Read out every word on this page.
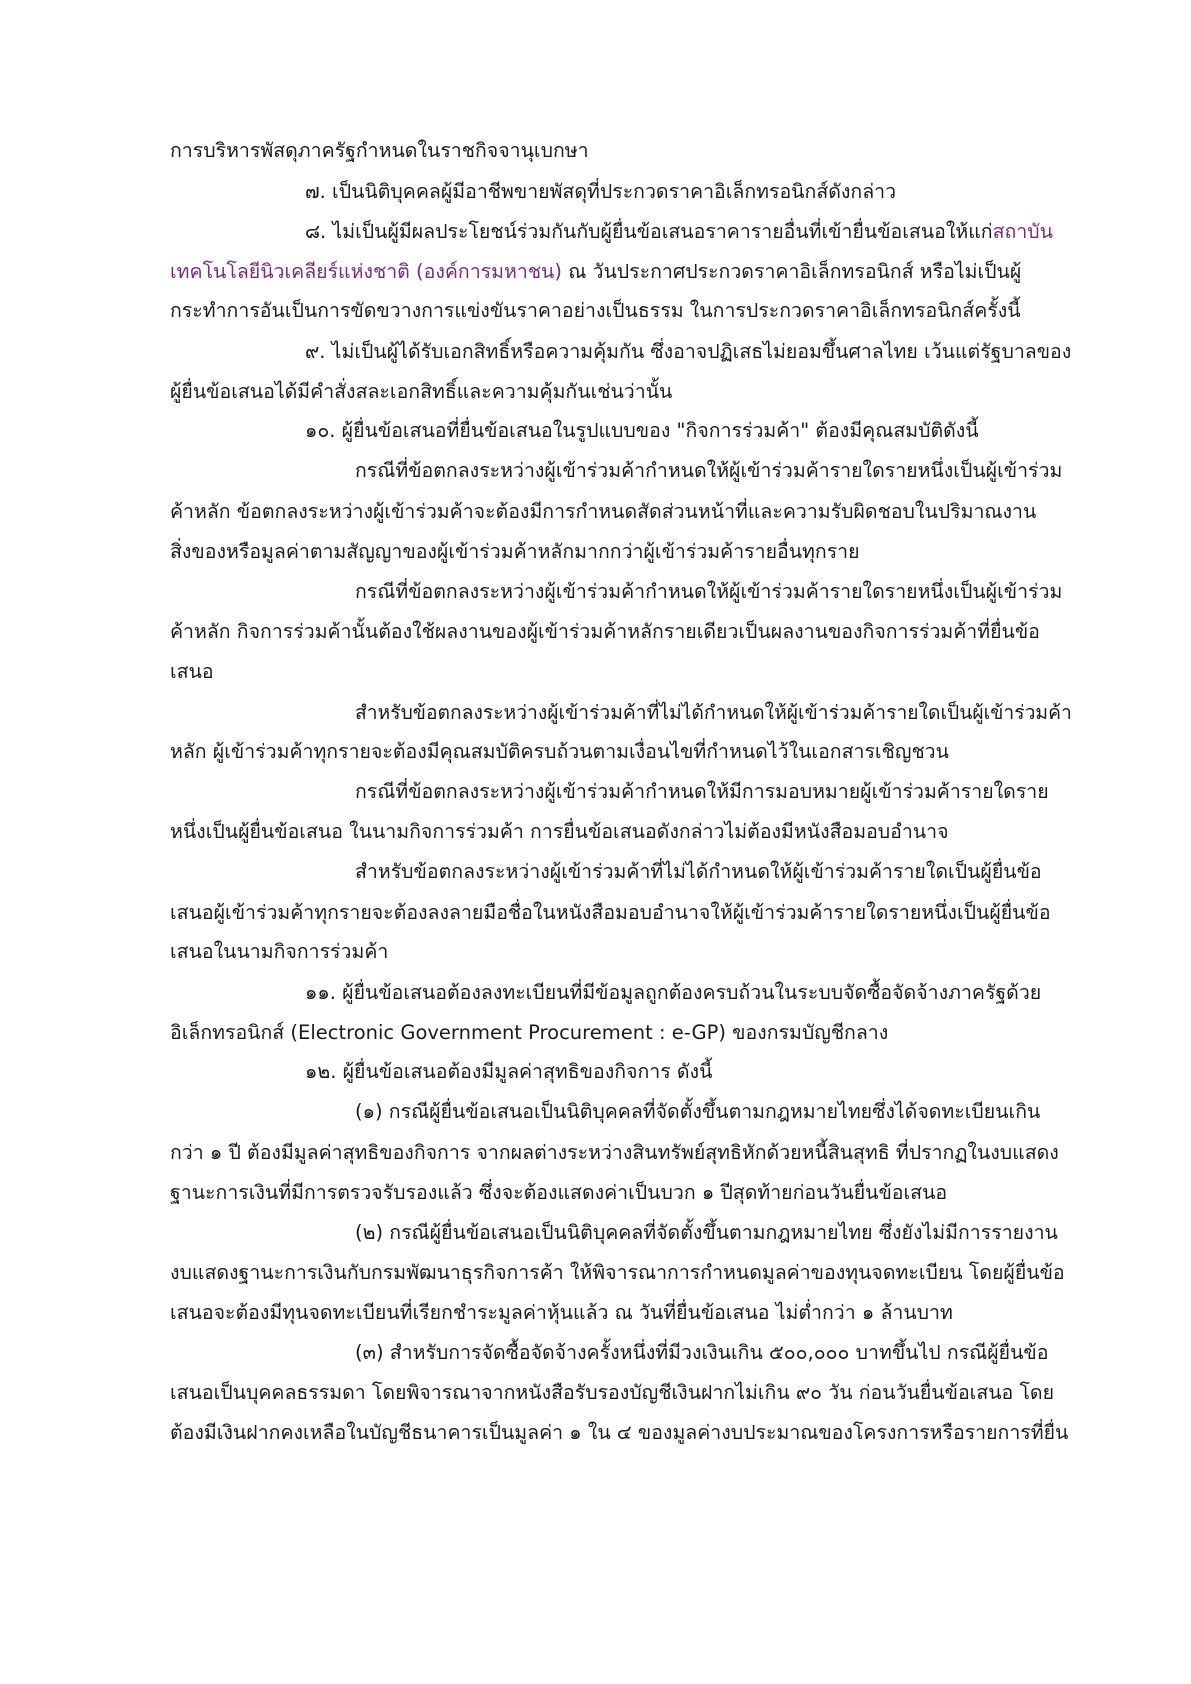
การบริหารพัสดุภาครัฐกำหนดในราชกิจจานุเบกษา
๗. เป็นนิติบุคคลผู้มีอาชีพขายพัสดุที่ประกวดราคาอิเล็กทรอนิกส์ดังกล่าว
๘. ไม่เป็นผู้มีผลประโยชน์ร่วมกันกับผู้ยื่นข้อเสนอราคารายอื่นที่เข้ายื่นข้อเสนอให้แก่สถาบัน
เทคโนโลยีนิวเคลียร์แห่งชาติ (องค์การมหาชน) ณ วันประกาศประกวดราคาอิเล็กทรอนิกส์ หรือไม่เป็นผู้
กระทำการอันเป็นการขัดขวางการแข่งขันราคาอย่างเป็นธรรม ในการประกวดราคาอิเล็กทรอนิกส์ครั้งนี้
๙. ไม่เป็นผู้ได้รับเอกสิทธิ์หรือความคุ้มกัน ซึ่งอาจปฏิเสธไม่ยอมขึ้นศาลไทย เว้นแต่รัฐบาลของ
ผู้ยื่นข้อเสนอได้มีคำสั่งสละเอกสิทธิ์และความคุ้มกันเช่นว่านั้น
๑๐. ผู้ยื่นข้อเสนอที่ยื่นข้อเสนอในรูปแบบของ "กิจการร่วมค้า" ต้องมีคุณสมบัติดังนี้
กรณีที่ข้อตกลงระหว่างผู้เข้าร่วมค้ากำหนดให้ผู้เข้าร่วมค้ารายใดรายหนึ่งเป็นผู้เข้าร่วม
ค้าหลัก ข้อตกลงระหว่างผู้เข้าร่วมค้าจะต้องมีการกำหนดสัดส่วนหน้าที่และความรับผิดชอบในปริมาณงาน
สิ่งของหรือมูลค่าตามสัญญาของผู้เข้าร่วมค้าหลักมากกว่าผู้เข้าร่วมค้ารายอื่นทุกราย
กรณีที่ข้อตกลงระหว่างผู้เข้าร่วมค้ากำหนดให้ผู้เข้าร่วมค้ารายใดรายหนึ่งเป็นผู้เข้าร่วม
ค้าหลัก กิจการร่วมค้านั้นต้องใช้ผลงานของผู้เข้าร่วมค้าหลักรายเดียวเป็นผลงานของกิจการร่วมค้าที่ยื่นข้อ
เสนอ
สำหรับข้อตกลงระหว่างผู้เข้าร่วมค้าที่ไม่ได้กำหนดให้ผู้เข้าร่วมค้ารายใดเป็นผู้เข้าร่วมค้า
หลัก ผู้เข้าร่วมค้าทุกรายจะต้องมีคุณสมบัติครบถ้วนตามเงื่อนไขที่กำหนดไว้ในเอกสารเชิญชวน
กรณีที่ข้อตกลงระหว่างผู้เข้าร่วมค้ากำหนดให้มีการมอบหมายผู้เข้าร่วมค้ารายใดราย
หนึ่งเป็นผู้ยื่นข้อเสนอ ในนามกิจการร่วมค้า การยื่นข้อเสนอดังกล่าวไม่ต้องมีหนังสือมอบอำนาจ
สำหรับข้อตกลงระหว่างผู้เข้าร่วมค้าที่ไม่ได้กำหนดให้ผู้เข้าร่วมค้ารายใดเป็นผู้ยื่นข้อ
เสนอผู้เข้าร่วมค้าทุกรายจะต้องลงลายมือชื่อในหนังสือมอบอำนาจให้ผู้เข้าร่วมค้ารายใดรายหนึ่งเป็นผู้ยื่นข้อ
เสนอในนามกิจการร่วมค้า
๑๑. ผู้ยื่นข้อเสนอต้องลงทะเบียนที่มีข้อมูลถูกต้องครบถ้วนในระบบจัดซื้อจัดจ้างภาครัฐด้วย
อิเล็กทรอนิกส์ (Electronic Government Procurement : e-GP) ของกรมบัญชีกลาง
๑๒. ผู้ยื่นข้อเสนอต้องมีมูลค่าสุทธิของกิจการ ดังนี้
(๑) กรณีผู้ยื่นข้อเสนอเป็นนิติบุคคลที่จัดตั้งขึ้นตามกฎหมายไทยซึ่งได้จดทะเบียนเกิน
กว่า ๑ ปี ต้องมีมูลค่าสุทธิของกิจการ จากผลต่างระหว่างสินทรัพย์สุทธิหักด้วยหนี้สินสุทธิ ที่ปรากฏในงบแสดง
ฐานะการเงินที่มีการตรวจรับรองแล้ว ซึ่งจะต้องแสดงค่าเป็นบวก ๑ ปีสุดท้ายก่อนวันยื่นข้อเสนอ
(๒) กรณีผู้ยื่นข้อเสนอเป็นนิติบุคคลที่จัดตั้งขึ้นตามกฎหมายไทย ซึ่งยังไม่มีการรายงาน
งบแสดงฐานะการเงินกับกรมพัฒนาธุรกิจการค้า ให้พิจารณาการกำหนดมูลค่าของทุนจดทะเบียน โดยผู้ยื่นข้อ
เสนอจะต้องมีทุนจดทะเบียนที่เรียกชำระมูลค่าหุ้นแล้ว ณ วันที่ยื่นข้อเสนอ ไม่ต่ำกว่า ๑ ล้านบาท
(๓) สำหรับการจัดซื้อจัดจ้างครั้งหนึ่งที่มีวงเงินเกิน ๕๐๐,๐๐๐ บาทขึ้นไป กรณีผู้ยื่นข้อ
เสนอเป็นบุคคลธรรมดา โดยพิจารณาจากหนังสือรับรองบัญชีเงินฝากไม่เกิน ๙๐ วัน ก่อนวันยื่นข้อเสนอ โดย
ต้องมีเงินฝากคงเหลือในบัญชีธนาคารเป็นมูลค่า ๑ ใน ๔ ของมูลค่างบประมาณของโครงการหรือรายการที่ยื่น
